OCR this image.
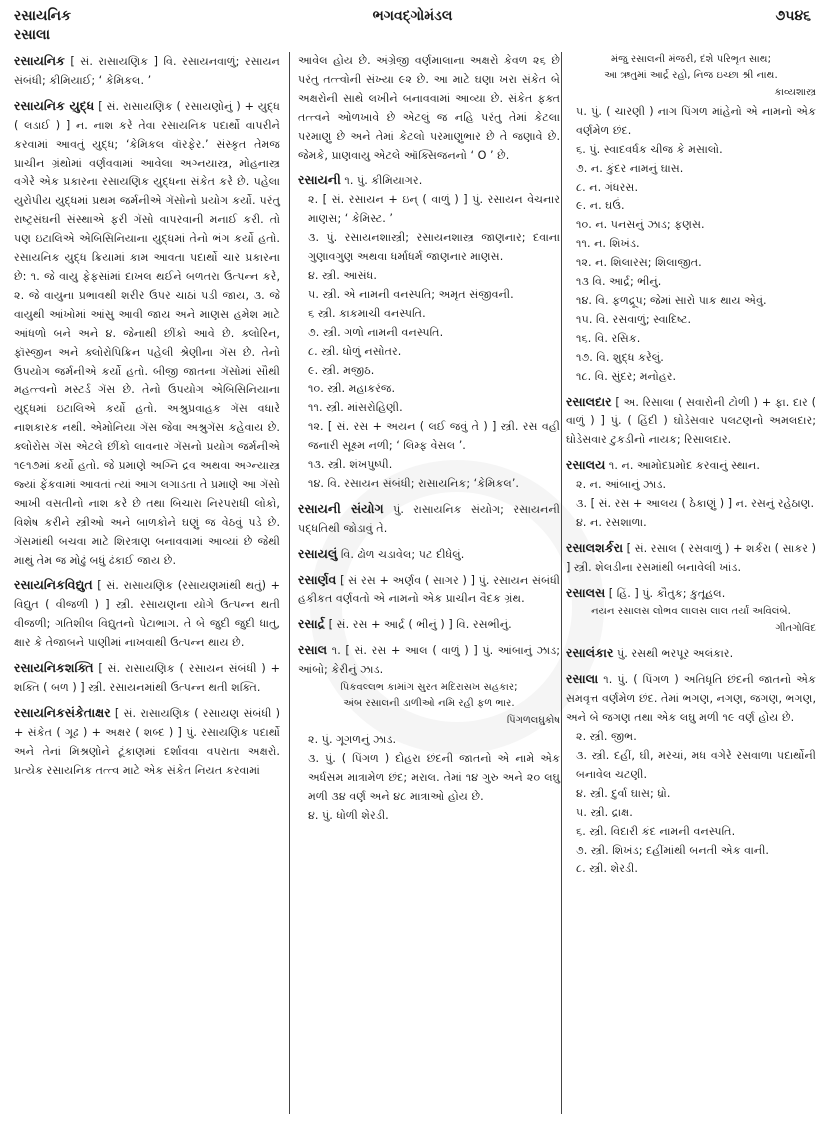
રસાયનિક	ભગવદ્‌ગોમંડલ	૭૫૪૬
રસાલા
રસાયનિક [ સં. રાસાયણિક ] વિ. રસાયનવાળું; રસાયન સંબંધી; કીમિયાઈ; ‘ કેમિકલ. ’
રસાયનિક યુદ્ધ [ સં. રાસાયણિક ( રસાયણોનું ) + યુદ્ધ ( લડાઈ ) ] ન. નાશ કરે તેવા રસાયનિક પદાર્થો વાપરીને કરવામાં આવતું યુદ્ધ; ‘કેમિકલ વૉરફેર.’ સંસ્કૃત તેમજ પ્રાચીન ગ્રંથોમાં વર્ણવવામાં આવેલા અગ્નયાસ્ત્ર, મોહનાસ્ત્ર વગેરે એક પ્રકારના રસાયણિક યુદ્ધના સંકેત કરે છે. પહેલા યુરોપીય યુદ્ધમાં પ્રથમ જર્મનીએ ગૅસોનો પ્રયોગ કર્યો. પરંતુ રાષ્ટ્રસંઘની સંસ્થાએ ફરી ગૅસો વાપરવાની મનાઈ કરી. તો પણ ઇટાલિએ એબિસિનિયાના યુદ્ધમાં તેનો ભંગ કર્યો હતો. રસાયનિક યુદ્ધ ક્રિયામાં કામ આવતા પદાર્થો ચાર પ્રકારના છે: ૧. જે વાયુ ફેફસાંમાં દાખલ થઈને બળતરા ઉત્પન્ન કરે, ૨. જે વાયુના પ્રભાવથી શરીર ઉપર ચાઠાં પડી જાય, ૩. જે વાયુથી આંખોમાં આંસુ આવી જાય અને માણસ હમેશ માટે આંધળો બને અને ૪. જેનાથી છીંકો આવે છે. ક્લોરિન, ફૉસ્જીન અને ક્લોરોપિક્રિન પહેલી શ્રેણીના ગૅસ છે. તેનો ઉપયોગ જર્મનીએ કર્યો હતો. બીજી જાતના ગૅસોમાં સૌથી મહત્ત્વનો મસ્ટર્ડ ગૅસ છે. તેનો ઉપયોગ એબિસિનિયાના યુદ્ધમાં ઇટાલિએ કર્યો હતો. અશ્રુપ્રવાહક ગૅસ વધારે નાશકારક નથી. એમોનિયા ગૅસ જેવા અશ્રુગૅસ કહેવાય છે. ક્લોરોસ ગૅસ એટલે છીંકો લાવનાર ગૅસનો પ્રયોગ જર્મનીએ ૧૯૧૭માં કર્યો હતો. જે પ્રમાણે અગ્નિ દ્રવ અથવા અગ્ન્યાસ્ત્ર જ્યાં ફેંકવામાં આવતાં ત્યાં આગ લગાડતા તે પ્રમાણે આ ગૅસો આખી વસતીનો નાશ કરે છે તથા બિચારા નિરપરાધી લોકો, વિશેષ કરીને સ્ત્રીઓ અને બાળકોને ઘણું જ વેઠવું પડે છે. ગૅસમાંથી બચવા માટે શિરત્રાણ બનાવવામાં આવ્યાં છે જેથી માથું તેમ જ મોઢું બધું ઢંકાઈ જાય છે.
રસાયનિકવિદ્યુત [ સં. રાસાયણિક (રસાયણમાંથી થતું) + વિદ્યુત ( વીજળી ) ] સ્ત્રી. રસાયણના યોગે ઉત્પન્ન થતી વીજળી; ગતિશીલ વિદ્યુતનો પેટાભાગ. તે બે જુદી જુદી ધાતુ, ક્ષાર કે તેજાબને પાણીમાં નાખવાથી ઉત્પન્ન થાય છે.
રસાયનિકશક્તિ [ સં. રાસાયણિક ( રસાયન સંબંધી ) + શક્તિ ( બળ ) ] સ્ત્રી. રસાયનમાંથી ઉત્પન્ન થતી શક્તિ.
રસાયનિકસંકેતાક્ષર [ સં. રાસાયણિક ( રસાયણ સંબંધી ) + સંકેત ( ગૂઢ ) + અક્ષર ( શબ્દ ) ] પું. રસાયણિક પદાર્થો અને તેનાં મિશ્રણોને ટૂંકાણમાં દર્શાવવા વપરાતા અક્ષરો. પ્રત્યેક રસાયનિક તત્ત્વ માટે એક સંકેત નિયત કરવામાં
આવેલ હોય છે. અંગ્રેજી વર્ણમાલાના અક્ષરો કેવળ ૨૬ છે પરંતુ તત્ત્વોની સંખ્યા ૯૨ છે. આ માટે ઘણા ખરા સંકેત બે અક્ષરોની સાથે લખીને બનાવવામાં આવ્યા છે. સંકેત ફક્ત તત્ત્વને ઓળખાવે છે એટલું જ નહિ પરંતુ તેમાં કેટલા પરમાણુ છે અને તેમાં કેટલો પરમાણુભાર છે તે જણાવે છે. જેમકે, પ્રાણવાયુ એટલે ઑક્સિજનનો ‘ O ’ છે.
રસાયની ૧. પું. કીમિયાગર.
૨. [ સં. રસાયન + ઇન્ ( વાળું ) ] પું. રસાયન વેચનાર માણસ; ‘ કેમિસ્ટ. ’
૩. પું. રસાયનશાસ્ત્રી; રસાયનશાસ્ત્ર જાણનાર; દવાના ગુણાવગુણ અથવા ધર્માધર્મ જાણનાર માણસ.
૪. સ્ત્રી. આસંધ.
૫. સ્ત્રી. એ નામની વનસ્પતિ; અમૃત સંજીવની.
૬ સ્ત્રી. કાકમાચી વનસ્પતિ.
૭. સ્ત્રી. ગળો નામની વનસ્પતિ.
૮. સ્ત્રી. ધોળું નસોતર.
૯. સ્ત્રી. મજીઠ.
૧૦. સ્ત્રી. મહાકરંજ.
૧૧. સ્ત્રી. માંસરોહિણી.
૧૨. [ સં. રસ + અયન ( લઈ જવું તે ) ] સ્ત્રી. રસ વહી જનારી સૂક્ષ્મ નળી; ‘ લિમ્ફ વેસલ ’.
૧૩. સ્ત્રી. શંખપુષ્પી.
૧૪. વિ. રસાયન સંબંધી; રાસાયનિક; ‘કેમિકલ’.
રસાયની સંયોગ પું. રાસાયનિક સંયોગ; રસાયનની પદ્ધતિથી જોડાવું તે.
રસાયલું વિ. ઢોળ ચડાવેલ; પટ દીધેલું.
રસાર્ણવ [ સં રસ + અર્ણવ ( સાગર ) ] પું. રસાયન સંબંધી હકીકત વર્ણવતો એ નામનો એક પ્રાચીન વૈદક ગ્રંથ.
રસાર્દ્ર [ સં. રસ + આર્દ્ર ( ભીનું ) ] વિ. રસભીનું.
રસાલ ૧. [ સં. રસ + આલ ( વાળું ) ] પું. આંબાનું ઝાડ; આંબો; કેરીનું ઝાડ.
પિકવલ્લભ કામાંગ સુરત મદિરાસખ સહકાર;
અંબ રસાલની ડાળીઓ નમિ રહી ફળ ભાર.
પિંગળલઘુકોષ
૨. પું. ગૂગળનું ઝાડ.
૩. પું. ( પિંગળ ) દોહરા છંદની જાતનો એ નામે એક અર્ધસમ માત્રામેળ છંદ; મરાલ. તેમાં ૧૪ ગુરુ અને ૨૦ લઘુ મળી ૩૪ વર્ણ અને ૪૮ માત્રાઓ હોય છે.
૪. પું. ધોળી શેરડી.
મંજુ રસાલની મંજરી, દંશે પરિભૃત સાથ;
આ ઋતુમાં આર્દ્ર રહો, નિજ ઇચ્છા શ્રી નાથ.
કાવ્યશાસ્ત્ર
૫. પું. ( ચારણી ) નાગ પિંગળ માંહેનો એ નામનો એક વર્ણમેળ છંદ.
૬. પું. સ્વાદવર્ધક ચીજ કે મસાલો.
૭. ન. કુંદર નામનું ઘાસ.
૮. ન. ગંધરસ.
૯. ન. ઘઉં.
૧૦. ન. પનસનું ઝાડ; ફણસ.
૧૧. ન. શિખંડ.
૧૨. ન. શિલારસ; શિલાજીત.
૧૩ વિ. આર્દ્ર; ભીનું.
૧૪. વિ. ફળદ્રૂપ; જેમાં સારો પાક થાય એવું.
૧૫. વિ. રસવાળું; સ્વાદિષ્ટ.
૧૬. વિ. રસિક.
૧૭. વિ. શુદ્ધ કરેલું.
૧૮. વિ. સુંદર; મનોહર.
રસાલદાર [ અ. રિસાલા ( સવારોની ટોળી ) + ફા. દાર ( વાળું ) ] પું. ( હિંદી ) ઘોડેસવાર પલટણનો અમલદાર; ઘોડેસવાર ટુકડીનો નાયક; રિસાલદાર.
રસાલય ૧. ન. આમોદપ્રમોદ કરવાનું સ્થાન.
૨. ન. આંબાનું ઝાડ.
૩. [ સં. રસ + આલય ( ઠેકાણું ) ] ન. રસનું રહેઠાણ.
૪. ન. રસશાળા.
રસાલશર્કરા [ સં. રસાલ ( રસવાળું ) + શર્કરા ( સાકર ) ] સ્ત્રી. શેલડીના રસમાંથી બનાવેલી ખાંડ.
રસાલસ [ હિં. ] પું. કૌતુક; કુતૂહલ.
નયન રસાલસ લોભવ લાલસ લાલ તર્યાં અવિલંબે.
ગીતગોવિંદ
રસાલંકાર પું. રસથી ભરપૂર અલંકાર.
રસાલા ૧. પું. ( પિંગળ ) અતિધૃતિ છંદની જાતનો એક સમવૃત્ત વર્ણમેળ છંદ. તેમાં ભગણ, નગણ, જગણ, ભગણ, અને બે જગણ તથા એક લઘુ મળી ૧૯ વર્ણ હોય છે.
૨. સ્ત્રી. જીભ.
૩. સ્ત્રી. દહીં, ઘી, મરચાં, મધ વગેરે રસવાળા પદાર્થોની બનાવેલ ચટણી.
૪. સ્ત્રી. દુર્વા ઘાસ; ધ્રો.
૫. સ્ત્રી. દ્રાક્ષ.
૬. સ્ત્રી. વિદારી કંદ નામની વનસ્પતિ.
૭. સ્ત્રી. શિખંડ; દહીંમાંથી બનતી એક વાની.
૮. સ્ત્રી. શેરડી.
